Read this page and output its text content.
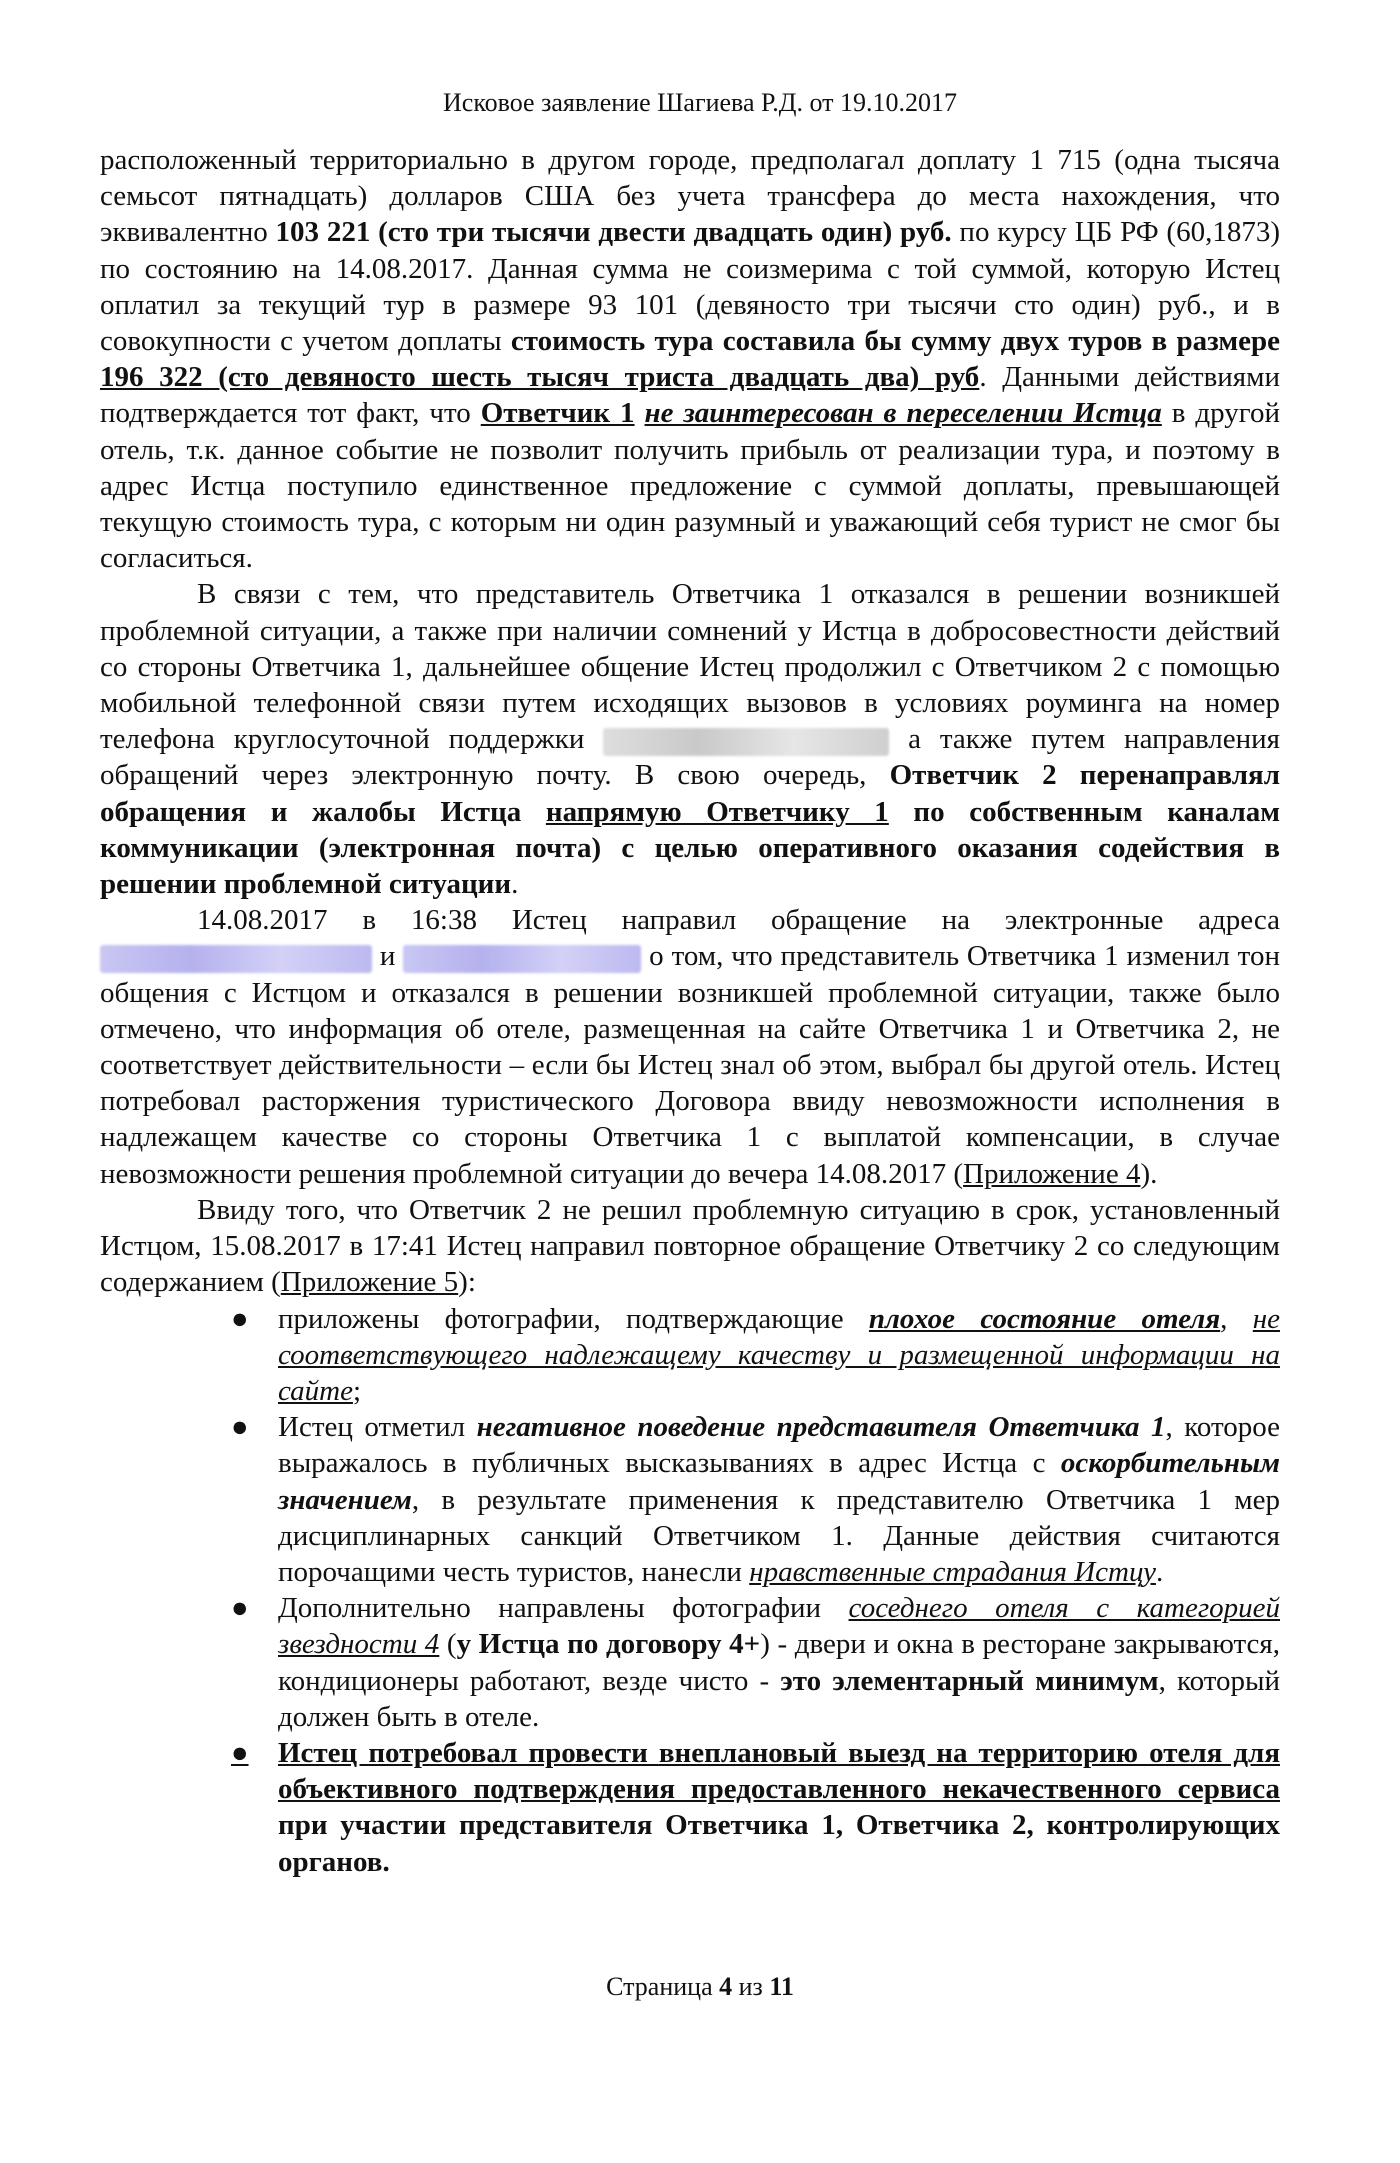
Исковое заявление Шагиева Р.Д. от 19.10.2017

расположенный территориально в другом городе, предполагал доплату 1 715 (одна тысяча семьсот пятнадцать) долларов США без учета трансфера до места нахождения, что эквивалентно 103 221 (сто три тысячи двести двадцать один) руб. по курсу ЦБ РФ (60,1873) по состоянию на 14.08.2017. Данная сумма не соизмерима с той суммой, которую Истец оплатил за текущий тур в размере 93 101 (девяносто три тысячи сто один) руб., и в совокупности с учетом доплаты стоимость тура составила бы сумму двух туров в размере 196 322 (сто девяносто шесть тысяч триста двадцать два) руб. Данными действиями подтверждается тот факт, что Ответчик 1 не заинтересован в переселении Истца в другой отель, т.к. данное событие не позволит получить прибыль от реализации тура, и поэтому в адрес Истца поступило единственное предложение с суммой доплаты, превышающей текущую стоимость тура, с которым ни один разумный и уважающий себя турист не смог бы согласиться.

В связи с тем, что представитель Ответчика 1 отказался в решении возникшей проблемной ситуации, а также при наличии сомнений у Истца в добросовестности действий со стороны Ответчика 1, дальнейшее общение Истец продолжил с Ответчиком 2 с помощью мобильной телефонной связи путем исходящих вызовов в условиях роуминга на номер телефона круглосуточной поддержки	а также путем направления обращений через электронную почту. В свою очередь, Ответчик 2 перенаправлял обращения и жалобы Истца напрямую Ответчику 1 по собственным каналам коммуникации (электронная почта) с целью оперативного оказания содействия в решении проблемной ситуации.

14.08.2017 в 16:38 Истец направил обращение на электронные адреса  и	о том, что представитель Ответчика 1 изменил тон общения с Истцом и отказался в решении возникшей проблемной ситуации, также было отмечено, что информация об отеле, размещенная на сайте Ответчика 1 и Ответчика 2, не соответствует действительности – если бы Истец знал об этом, выбрал бы другой отель. Истец потребовал расторжения туристического Договора ввиду невозможности исполнения в надлежащем качестве со стороны Ответчика 1 с выплатой компенсации, в случае невозможности решения проблемной ситуации до вечера 14.08.2017 (Приложение 4).

Ввиду того, что Ответчик 2 не решил проблемную ситуацию в срок, установленный Истцом, 15.08.2017 в 17:41 Истец направил повторное обращение Ответчику 2 со следующим содержанием (Приложение 5):

● приложены фотографии, подтверждающие плохое состояние отеля, не соответствующего надлежащему качеству и размещенной информации на сайте;
● Истец отметил негативное поведение представителя Ответчика 1, которое выражалось в публичных высказываниях в адрес Истца с оскорбительным значением, в результате применения к представителю Ответчика 1 мер дисциплинарных санкций Ответчиком 1. Данные действия считаются порочащими честь туристов, нанесли нравственные страдания Истцу.
● Дополнительно направлены фотографии соседнего отеля с категорией звездности 4 (у Истца по договору 4+) - двери и окна в ресторане закрываются, кондиционеры работают, везде чисто - это элементарный минимум, который должен быть в отеле.
● Истец потребовал провести внеплановый выезд на территорию отеля для объективного подтверждения предоставленного некачественного сервиса при участии представителя Ответчика 1, Ответчика 2, контролирующих органов.
Страница 4 из 11
